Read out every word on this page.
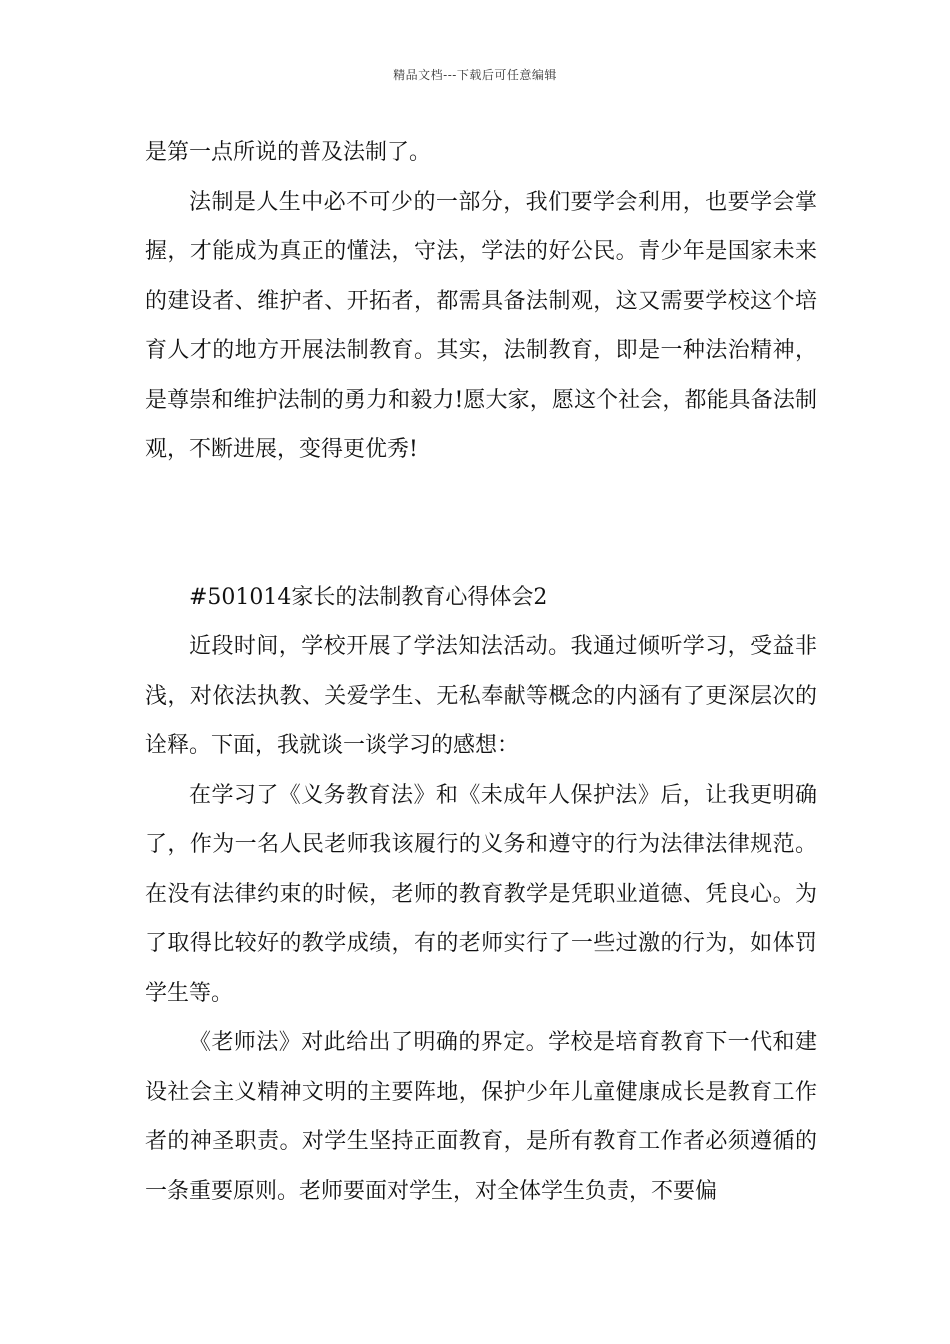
精品文档---下载后可任意编辑

是第一点所说的普及法制了。

法制是人生中必不可少的一部分，我们要学会利用，也要学会掌握，才能成为真正的懂法，守法，学法的好公民。青少年是国家未来的建设者、维护者、开拓者，都需具备法制观，这又需要学校这个培育人才的地方开展法制教育。其实，法制教育，即是一种法治精神，是尊崇和维护法制的勇力和毅力!愿大家，愿这个社会，都能具备法制观，不断进展，变得更优秀!

#501014家长的法制教育心得体会2

近段时间，学校开展了学法知法活动。我通过倾听学习，受益非浅，对依法执教、关爱学生、无私奉献等概念的内涵有了更深层次的诠释。下面，我就谈一谈学习的感想：

在学习了《义务教育法》和《未成年人保护法》后，让我更明确了，作为一名人民老师我该履行的义务和遵守的行为法律法律规范。在没有法律约束的时候，老师的教育教学是凭职业道德、凭良心。为了取得比较好的教学成绩，有的老师实行了一些过激的行为，如体罚学生等。

《老师法》对此给出了明确的界定。学校是培育教育下一代和建设社会主义精神文明的主要阵地，保护少年儿童健康成长是教育工作者的神圣职责。对学生坚持正面教育，是所有教育工作者必须遵循的一条重要原则。老师要面对学生，对全体学生负责，不要偏
